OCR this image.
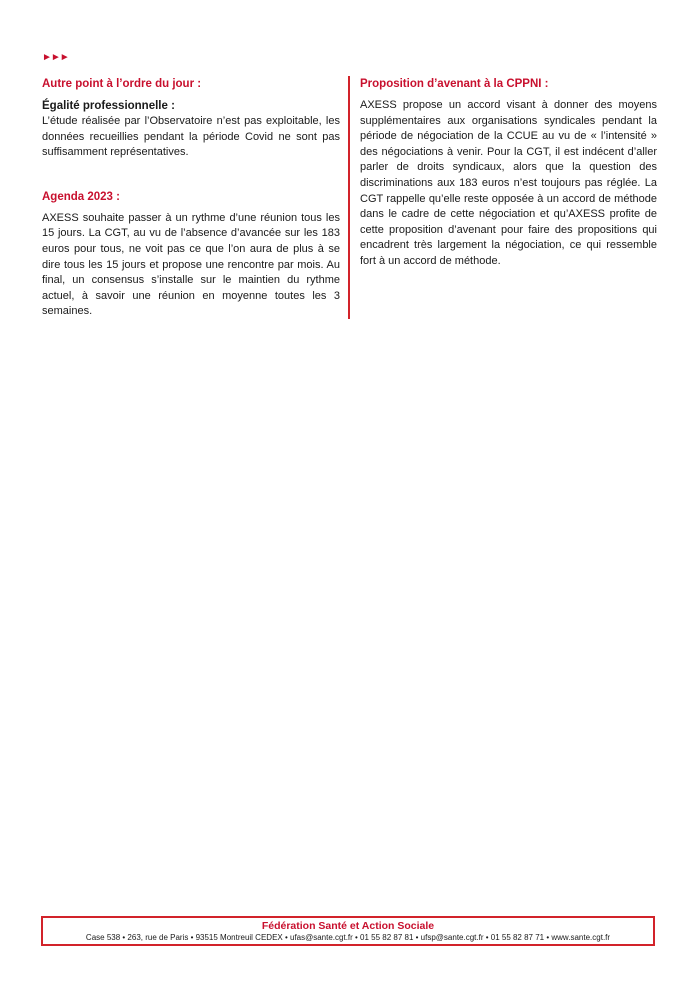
►►►
Autre point à l’ordre du jour :
Égalité professionnelle :

L’étude réalisée par l’Observatoire n’est pas exploitable, les données recueillies pendant la période Covid ne sont pas suffisamment représentatives.

Agenda 2023 :

AXESS souhaite passer à un rythme d’une réunion tous les 15 jours. La CGT, au vu de l’absence d’avancée sur les 183 euros pour tous, ne voit pas ce que l’on aura de plus à se dire tous les 15 jours et propose une rencontre par mois. Au final, un consensus s’installe sur le maintien du rythme actuel, à savoir une réunion en moyenne toutes les 3 semaines.

Proposition d’avenant à la CPPNI :

AXESS propose un accord visant à donner des moyens supplémentaires aux organisations syndicales pendant la période de négociation de la CCUE au vu de « l’intensité » des négociations à venir. Pour la CGT, il est indécent d’aller parler de droits syndicaux, alors que la question des discriminations aux 183 euros n’est toujours pas réglée. La CGT rappelle qu’elle reste opposée à un accord de méthode dans le cadre de cette négociation et qu’AXESS profite de cette proposition d’avenant pour faire des propositions qui encadrent très largement la négociation, ce qui ressemble fort à un accord de méthode.

Fédération Santé et Action Sociale
Case 538 • 263, rue de Paris • 93515 Montreuil CEDEX • ufas@sante.cgt.fr • 01 55 82 87 81 • ufsp@sante.cgt.fr • 01 55 82 87 71 • www.sante.cgt.fr
